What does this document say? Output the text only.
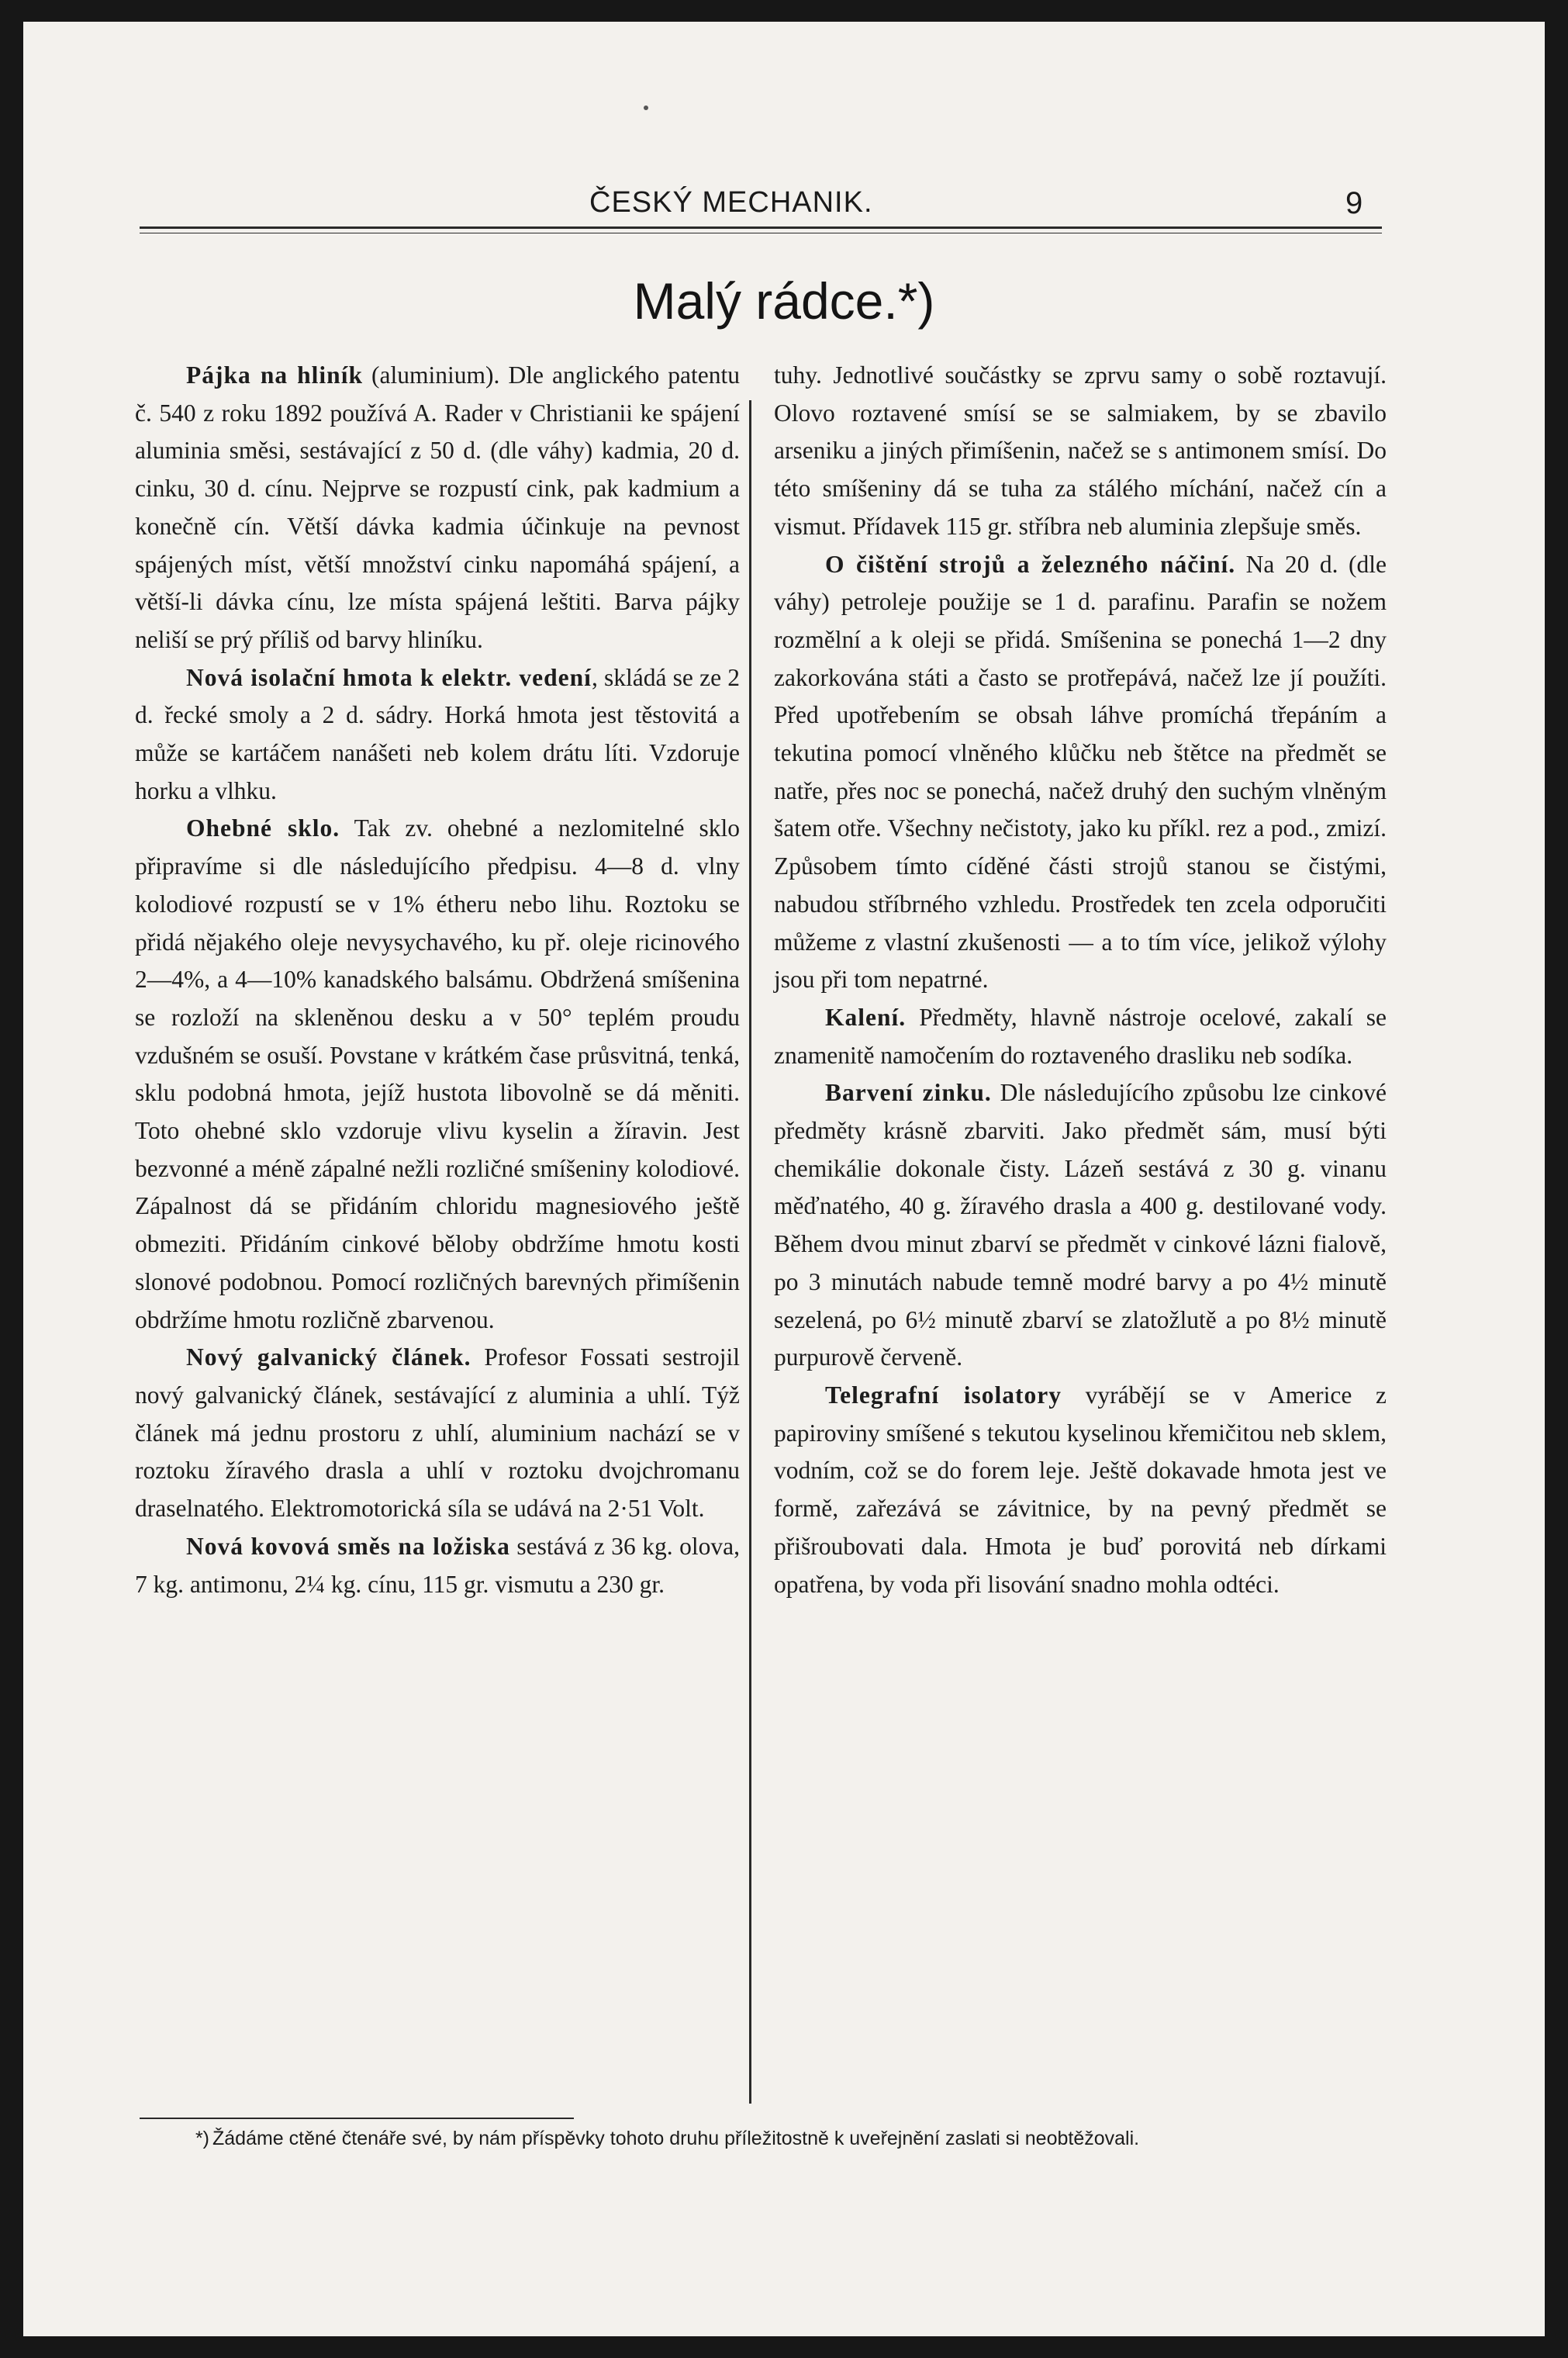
ČESKÝ MECHANIK.	9
Malý rádce.*)

Pájka na hliník (aluminium). Dle anglického patentu č. 540 z roku 1892 používá A. Rader v Christianii ke spájení aluminia směsi, sestávající z 50 d. (dle váhy) kadmia, 20 d. cinku, 30 d. cínu. Nejprve se rozpustí cink, pak kadmium a konečně cín. Větší dávka kadmia účinkuje na pevnost spájených míst, větší množství cinku napomáhá spájení, a větší-li dávka cínu, lze místa spájená leštiti. Barva pájky neliší se prý příliš od barvy hliníku.

Nová isolační hmota k elektr. vedení, skládá se ze 2 d. řecké smoly a 2 d. sádry. Horká hmota jest těstovitá a může se kartáčem nanášeti neb kolem drátu líti. Vzdoruje horku a vlhku.

Ohebné sklo. Tak zv. ohebné a nezlomitelné sklo připravíme si dle následujícího předpisu. 4—8 d. vlny kolodiové rozpustí se v 1% étheru nebo lihu. Roztoku se přidá nějakého oleje nevysychavého, ku př. oleje ricinového 2—4%, a 4—10% kanadského balsámu. Obdržená smíšenina se rozloží na skleněnou desku a v 50° teplém proudu vzdušném se osuší. Povstane v krátkém čase průsvitná, tenká, sklu podobná hmota, jejíž hustota libovolně se dá měniti. Toto ohebné sklo vzdoruje vlivu kyselin a žíravin. Jest bezvonné a méně zápalné nežli rozličné smíšeniny kolodiové. Zápalnost dá se přidáním chloridu magnesiového ještě obmeziti. Přidáním cinkové běloby obdržíme hmotu kosti slonové podobnou. Pomocí rozličných barevných přimíšenin obdržíme hmotu rozličně zbarvenou.

Nový galvanický článek. Profesor Fossati sestrojil nový galvanický článek, sestávající z aluminia a uhlí. Týž článek má jednu prostoru z uhlí, aluminium nachází se v roztoku žíravého drasla a uhlí v roztoku dvojchromanu draselnatého. Elektromotorická síla se udává na 2·51 Volt.

Nová kovová směs na ložiska sestává z 36 kg. olova, 7 kg. antimonu, 2¼ kg. cínu, 115 gr. vismutu a 230 gr.

tuhy. Jednotlivé součástky se zprvu samy o sobě roztavují. Olovo roztavené smísí se se salmiakem, by se zbavilo arseniku a jiných přimíšenin, načež se s antimonem smísí. Do této smíšeniny dá se tuha za stálého míchání, načež cín a vismut. Přídavek 115 gr. stříbra neb aluminia zlepšuje směs.

O čištění strojů a železného náčiní. Na 20 d. (dle váhy) petroleje použije se 1 d. parafinu. Parafin se nožem rozmělní a k oleji se přidá. Smíšenina se ponechá 1—2 dny zakorkována státi a často se protřepává, načež lze jí použíti. Před upotřebením se obsah láhve promíchá třepáním a tekutina pomocí vlněného klůčku neb štětce na předmět se natře, přes noc se ponechá, načež druhý den suchým vlněným šatem otře. Všechny nečistoty, jako ku příkl. rez a pod., zmizí. Způsobem tímto cíděné části strojů stanou se čistými, nabudou stříbrného vzhledu. Prostředek ten zcela odporučiti můžeme z vlastní zkušenosti — a to tím více, jelikož výlohy jsou při tom nepatrné.

Kalení. Předměty, hlavně nástroje ocelové, zakalí se znamenitě namočením do roztaveného drasliku neb sodíka.

Barvení zinku. Dle následujícího způsobu lze cinkové předměty krásně zbarviti. Jako předmět sám, musí býti chemikálie dokonale čisty. Lázeň sestává z 30 g. vinanu měďnatého, 40 g. žíravého drasla a 400 g. destilované vody. Během dvou minut zbarví se předmět v cinkové lázni fialově, po 3 minutách nabude temně modré barvy a po 4½ minutě sezelená, po 6½ minutě zbarví se zlatožlutě a po 8½ minutě purpurově červeně.

Telegrafní isolatory vyrábějí se v Americe z papiroviny smíšené s tekutou kyselinou křemičitou neb sklem, vodním, což se do forem leje. Ještě dokavade hmota jest ve formě, zařezává se závitnice, by na pevný předmět se přišroubovati dala. Hmota je buď porovitá neb dírkami opatřena, by voda při lisování snadno mohla odtéci.

*) Žádáme ctěné čtenáře své, by nám příspěvky tohoto druhu příležitostně k uveřejnění zaslati si neobtěžovali.
